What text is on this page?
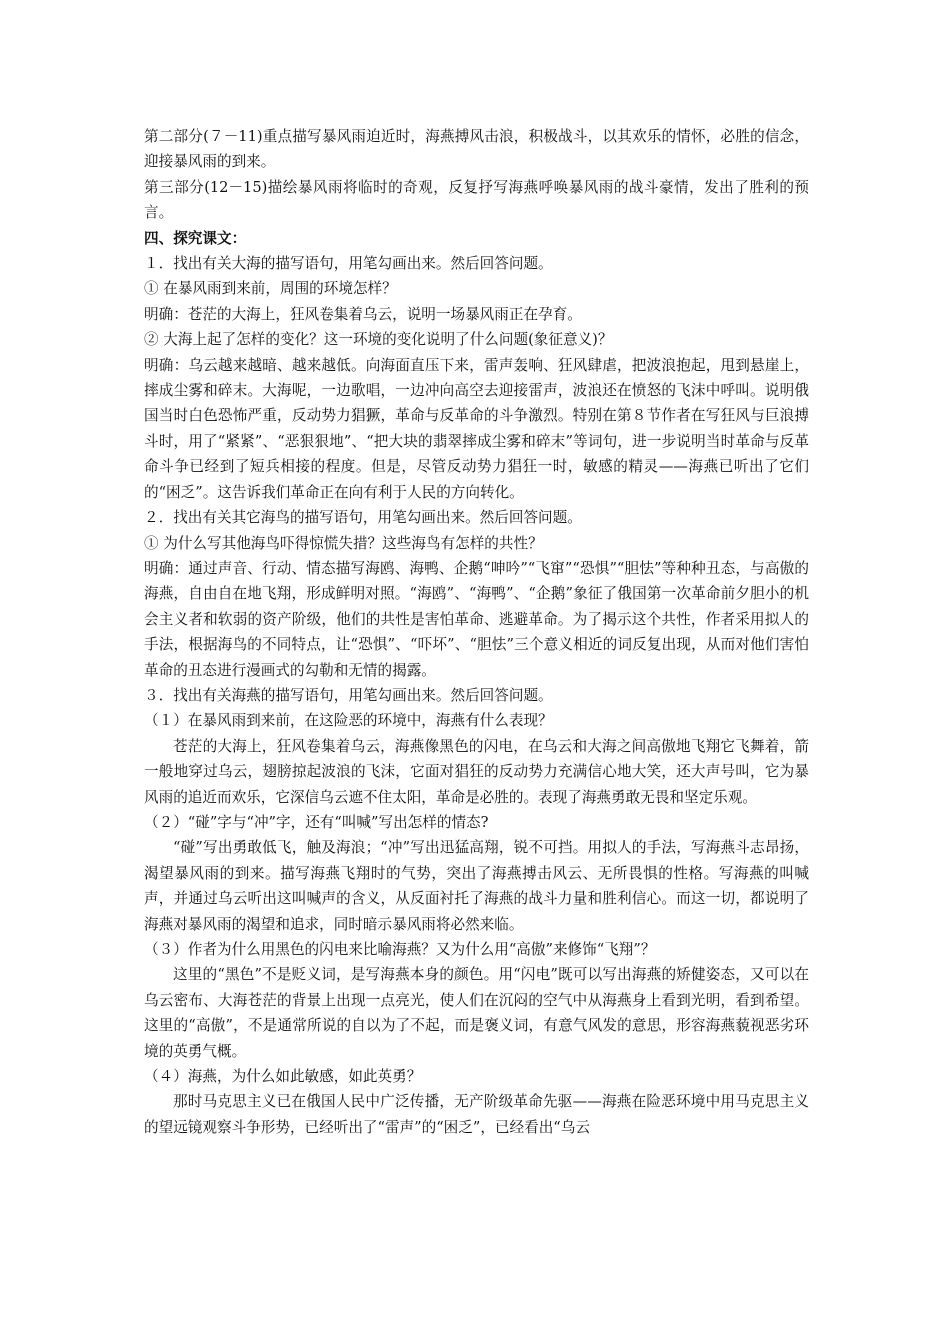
第二部分(７－11)重点描写暴风雨迫近时，海燕搏风击浪，积极战斗，以其欢乐的情怀，必胜的信念，迎接暴风雨的到来。

第三部分(12－15)描绘暴风雨将临时的奇观，反复抒写海燕呼唤暴风雨的战斗豪情，发出了胜利的预言。

四、探究课文：

１．找出有关大海的描写语句，用笔勾画出来。然后回答问题。

① 在暴风雨到来前，周围的环境怎样？

明确：苍茫的大海上，狂风卷集着乌云，说明一场暴风雨正在孕育。

② 大海上起了怎样的变化？这一环境的变化说明了什么问题(象征意义)？

明确：乌云越来越暗、越来越低。向海面直压下来，雷声轰响、狂风肆虐，把波浪抱起，甩到悬崖上，摔成尘雾和碎末。大海呢，一边歌唱，一边冲向高空去迎接雷声，波浪还在愤怒的飞沫中呼叫。说明俄国当时白色恐怖严重，反动势力猖獗，革命与反革命的斗争激烈。特别在第８节作者在写狂风与巨浪搏斗时，用了“紧紧”、“恶狠狠地”、“把大块的翡翠摔成尘雾和碎末”等词句，进一步说明当时革命与反革命斗争已经到了短兵相接的程度。但是，尽管反动势力猖狂一时，敏感的精灵——海燕已听出了它们的“困乏”。这告诉我们革命正在向有利于人民的方向转化。

２．找出有关其它海鸟的描写语句，用笔勾画出来。然后回答问题。

① 为什么写其他海鸟吓得惊慌失措？这些海鸟有怎样的共性？

明确：通过声音、行动、情态描写海鸥、海鸭、企鹅“呻吟”“飞窜”“恐惧”“胆怯”等种种丑态，与高傲的海燕，自由自在地飞翔，形成鲜明对照。“海鸥”、“海鸭”、“企鹅”象征了俄国第一次革命前夕胆小的机会主义者和软弱的资产阶级，他们的共性是害怕革命、逃避革命。为了揭示这个共性，作者采用拟人的手法，根据海鸟的不同特点，让“恐惧”、“吓坏”、“胆怯”三个意义相近的词反复出现，从而对他们害怕革命的丑态进行漫画式的勾勒和无情的揭露。

３．找出有关海燕的描写语句，用笔勾画出来。然后回答问题。

（１）在暴风雨到来前，在这险恶的环境中，海燕有什么表现？

苍茫的大海上，狂风卷集着乌云，海燕像黑色的闪电，在乌云和大海之间高傲地飞翔它飞舞着，箭一般地穿过乌云，翅膀掠起波浪的飞沫，它面对猖狂的反动势力充满信心地大笑，还大声号叫，它为暴风雨的追近而欢乐，它深信乌云遮不住太阳，革命是必胜的。表现了海燕勇敢无畏和坚定乐观。

（２）“碰”字与“冲”字，还有“叫喊”写出怎样的情态?

“碰”写出勇敢低飞，触及海浪；“冲”写出迅猛高翔，锐不可挡。用拟人的手法，写海燕斗志昂扬，渴望暴风雨的到来。描写海燕飞翔时的气势，突出了海燕搏击风云、无所畏惧的性格。写海燕的叫喊声，并通过乌云听出这叫喊声的含义，从反面衬托了海燕的战斗力量和胜利信心。而这一切，都说明了海燕对暴风雨的渴望和追求，同时暗示暴风雨将必然来临。

（３）作者为什么用黑色的闪电来比喻海燕？又为什么用“高傲”来修饰“飞翔”？

这里的“黑色”不是贬义词，是写海燕本身的颜色。用“闪电”既可以写出海燕的矫健姿态，又可以在乌云密布、大海苍茫的背景上出现一点亮光，使人们在沉闷的空气中从海燕身上看到光明，看到希望。这里的“高傲”，不是通常所说的自以为了不起，而是褒义词，有意气风发的意思，形容海燕藐视恶劣环境的英勇气概。

（４）海燕，为什么如此敏感，如此英勇？

那时马克思主义已在俄国人民中广泛传播，无产阶级革命先驱——海燕在险恶环境中用马克思主义的望远镜观察斗争形势，已经听出了“雷声”的“困乏”，已经看出“乌云
